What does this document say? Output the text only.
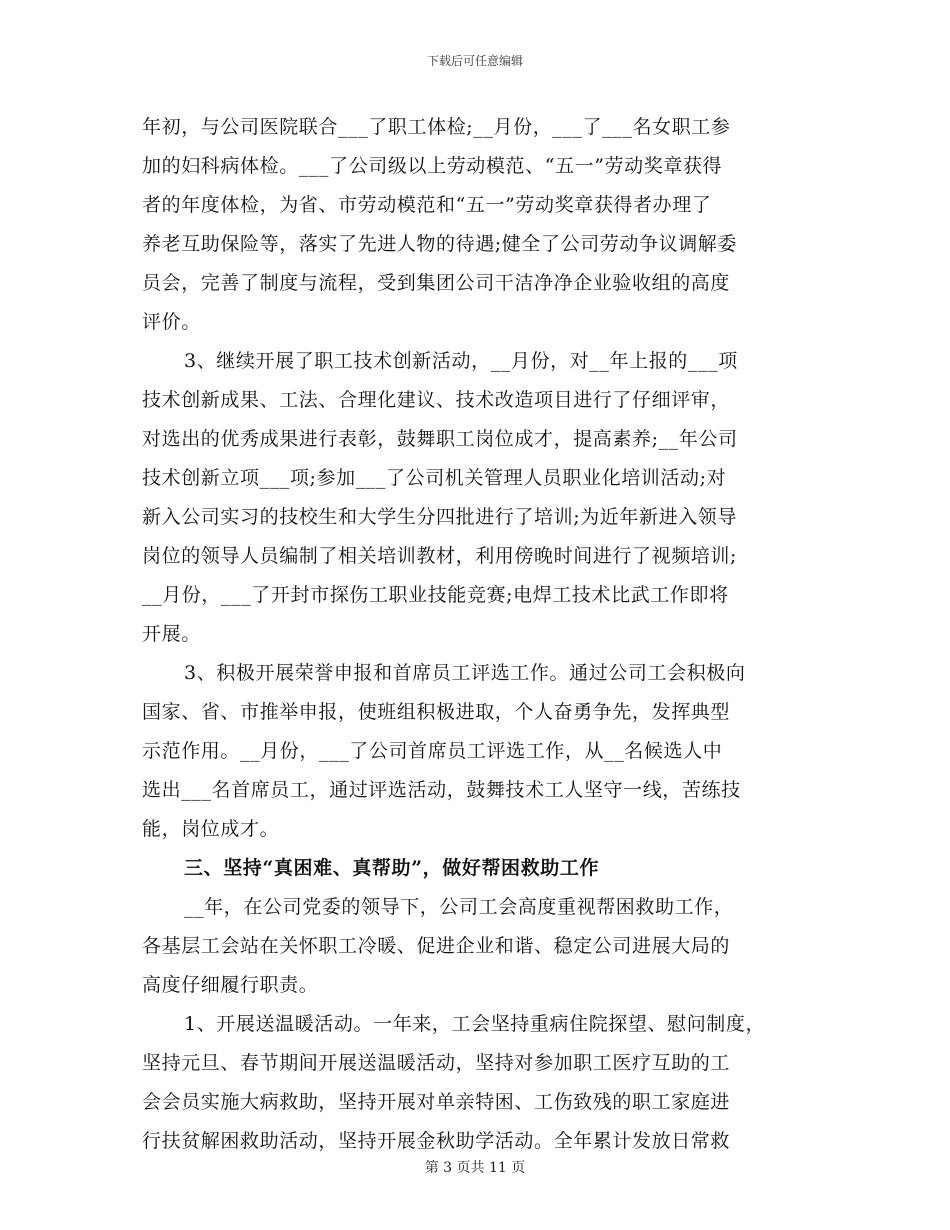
下载后可任意编辑
年初，与公司医院联合___了职工体检;__月份，___了___名女职工参
加的妇科病体检。___了公司级以上劳动模范、“五一”劳动奖章获得
者的年度体检，为省、市劳动模范和“五一”劳动奖章获得者办理了
养老互助保险等，落实了先进人物的待遇;健全了公司劳动争议调解委
员会，完善了制度与流程，受到集团公司干洁净净企业验收组的高度
评价。
3、继续开展了职工技术创新活动，__月份，对__年上报的___项
技术创新成果、工法、合理化建议、技术改造项目进行了仔细评审，
对选出的优秀成果进行表彰，鼓舞职工岗位成才，提高素养;__年公司
技术创新立项___项;参加___了公司机关管理人员职业化培训活动;对
新入公司实习的技校生和大学生分四批进行了培训;为近年新进入领导
岗位的领导人员编制了相关培训教材，利用傍晚时间进行了视频培训;
__月份，___了开封市探伤工职业技能竞赛;电焊工技术比武工作即将
开展。
3、积极开展荣誉申报和首席员工评选工作。通过公司工会积极向
国家、省、市推举申报，使班组积极进取，个人奋勇争先，发挥典型
示范作用。__月份，___了公司首席员工评选工作，从__名候选人中
选出___名首席员工，通过评选活动，鼓舞技术工人坚守一线，苦练技
能，岗位成才。
三、坚持“真困难、真帮助”，做好帮困救助工作
__年，在公司党委的领导下，公司工会高度重视帮困救助工作，
各基层工会站在关怀职工冷暖、促进企业和谐、稳定公司进展大局的
高度仔细履行职责。
1、开展送温暖活动。一年来，工会坚持重病住院探望、慰问制度，
坚持元旦、春节期间开展送温暖活动，坚持对参加职工医疗互助的工
会会员实施大病救助，坚持开展对单亲特困、工伤致残的职工家庭进
行扶贫解困救助活动，坚持开展金秋助学活动。全年累计发放日常救
第 3 页共 11 页
